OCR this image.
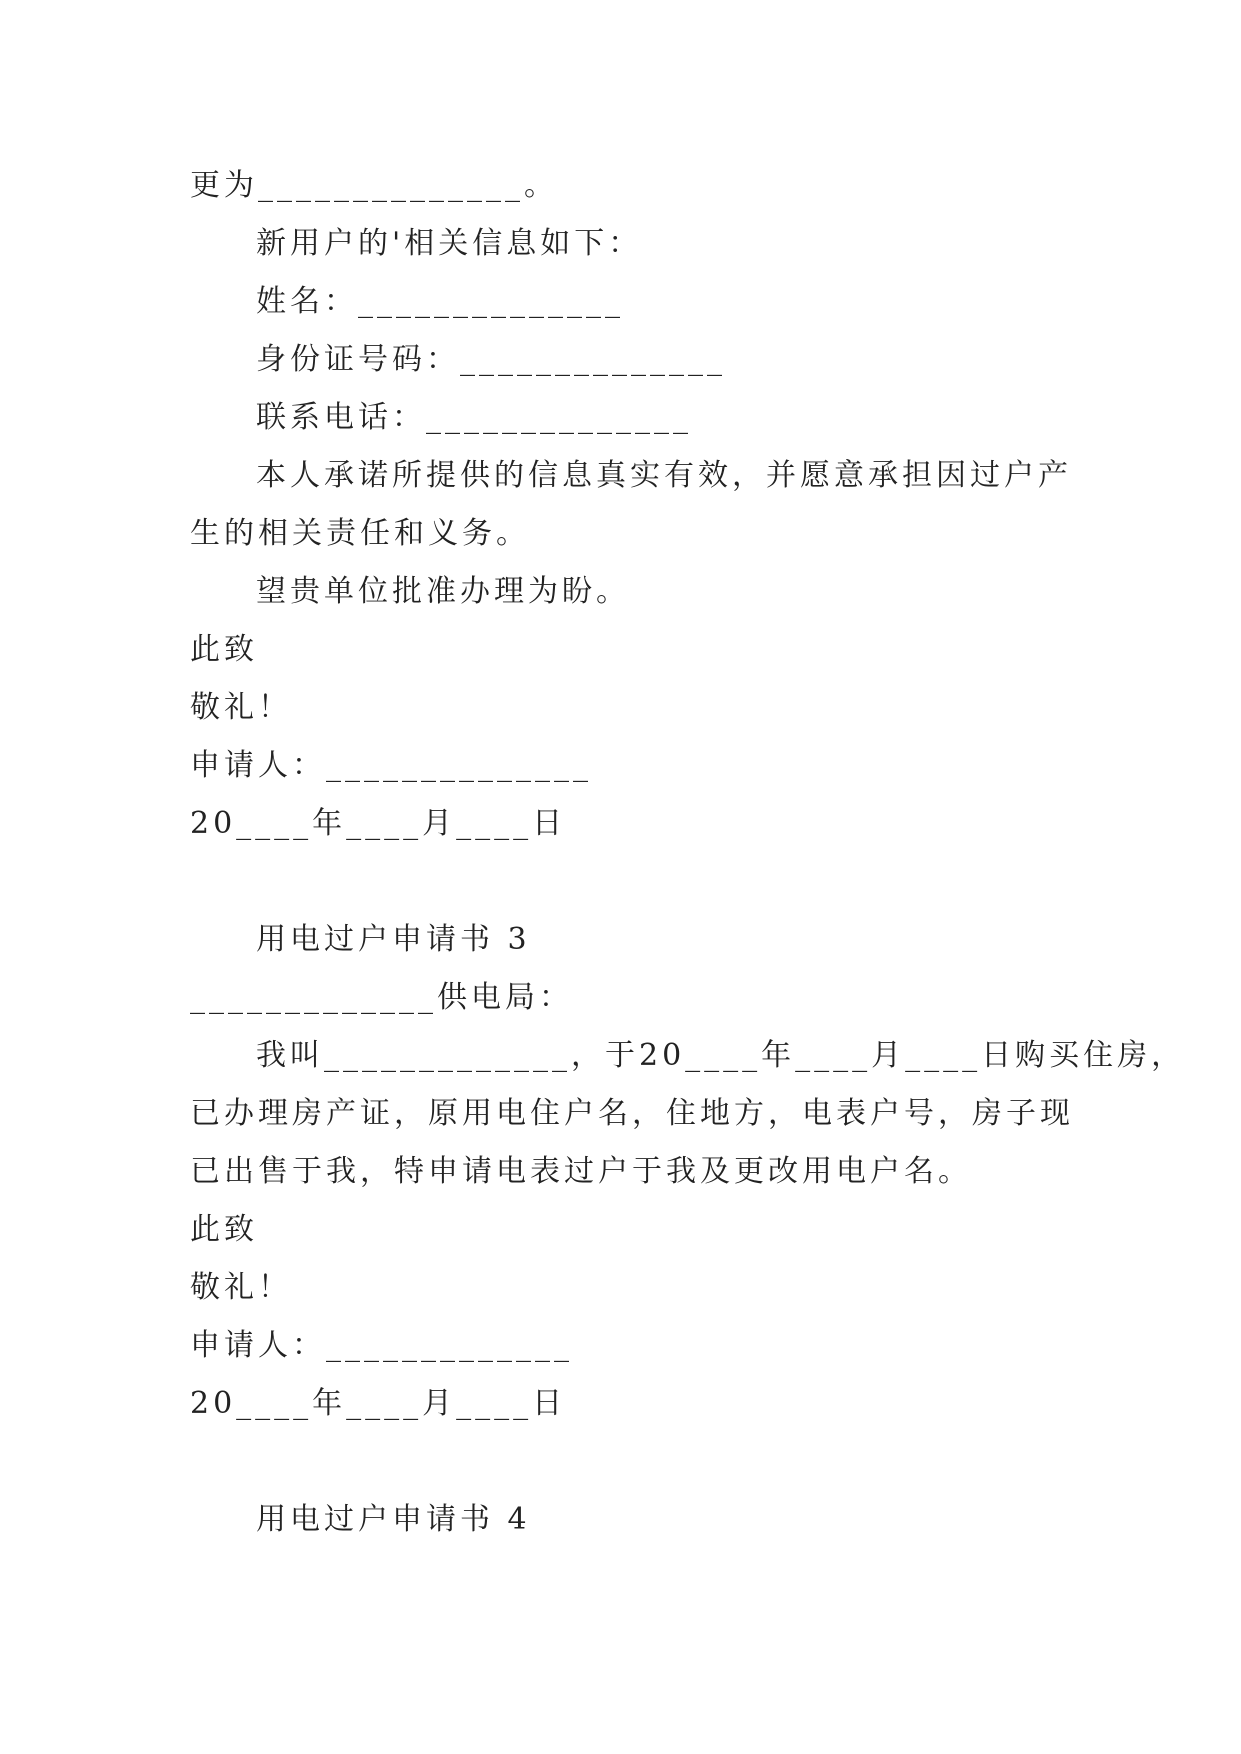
更为______________。
新用户的'相关信息如下：
姓名：______________
身份证号码：______________
联系电话：______________
本人承诺所提供的信息真实有效，并愿意承担因过户产
生的相关责任和义务。
望贵单位批准办理为盼。
此致
敬礼！
申请人：______________
20____年____月____日
用电过户申请书 3
_____________供电局：
我叫_____________，于20____年____月____日购买住房，
已办理房产证，原用电住户名，住地方，电表户号，房子现
已出售于我，特申请电表过户于我及更改用电户名。
此致
敬礼！
申请人：_____________
20____年____月____日
用电过户申请书 4
